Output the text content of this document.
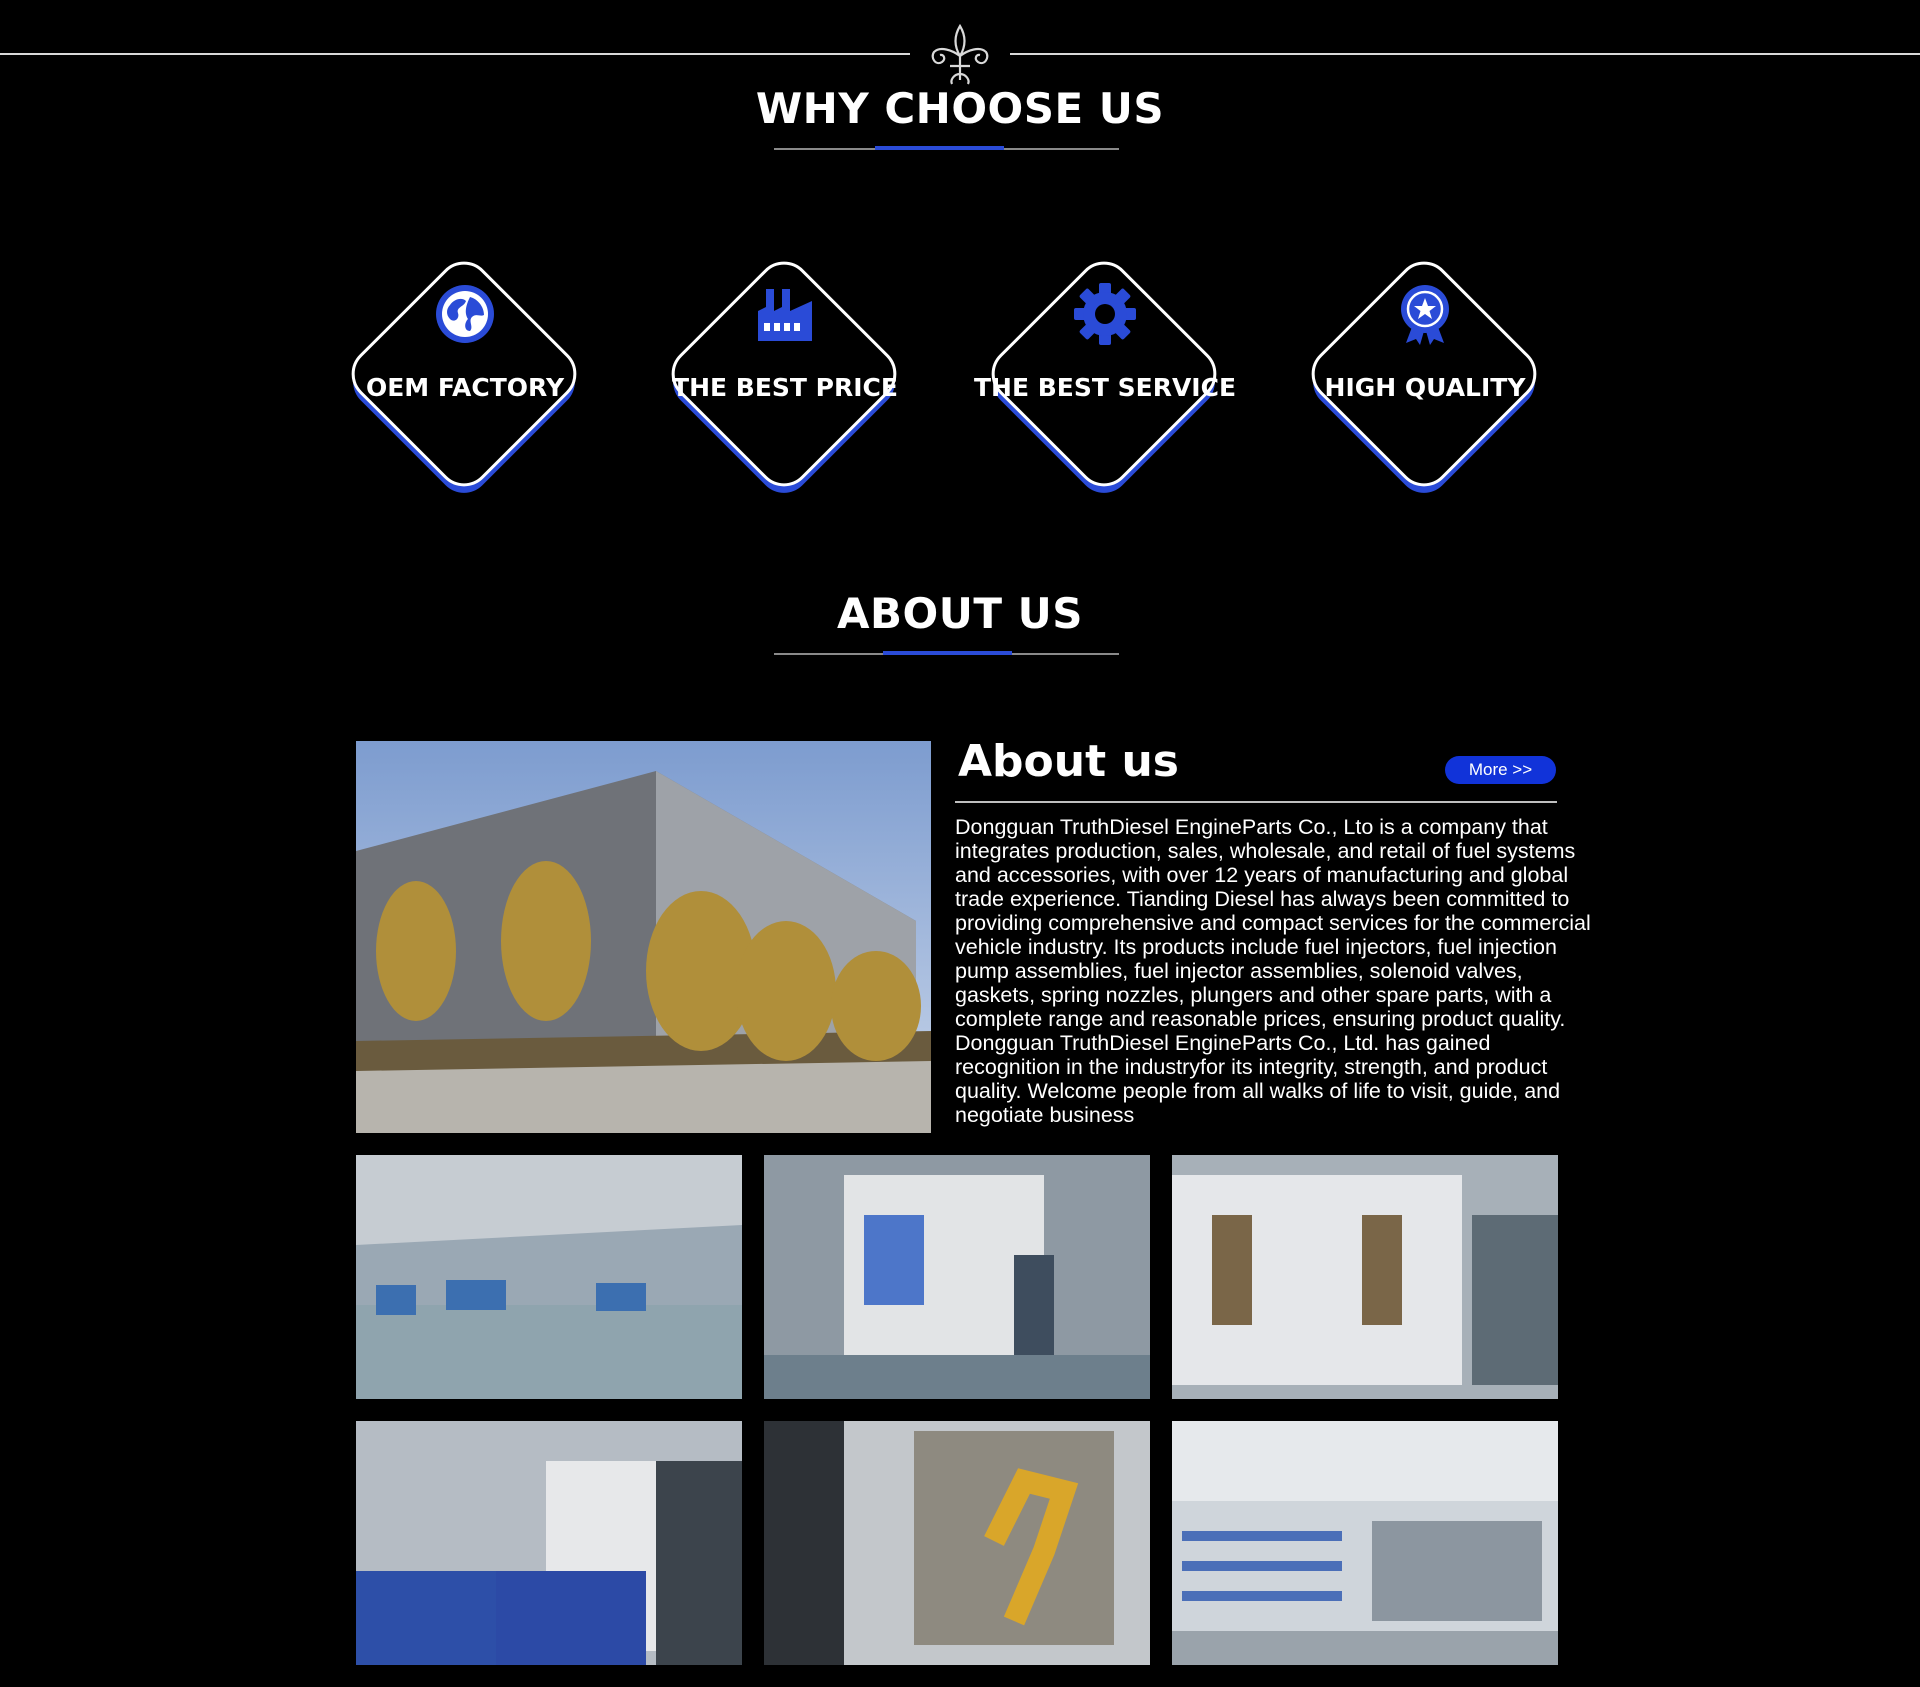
WHY CHOOSE US
OEM FACTORY	THE BEST PRICE	THE BEST SERVICE	HIGH QUALITY
ABOUT US
About us	More >>
Dongguan TruthDiesel EngineParts Co., Lto is a company that integrates production, sales, wholesale, and retail of fuel systems and accessories, with over 12 years of manufacturing and global trade experience. Tianding Diesel has always been committed to providing comprehensive and compact services for the commercial vehicle industry. Its products include fuel injectors, fuel injection pump assemblies, fuel injector assemblies, solenoid valves, gaskets, spring nozzles, plungers and other spare parts, with a complete range and reasonable prices, ensuring product quality. Dongguan TruthDiesel EngineParts Co., Ltd. has gained recognition in the industryfor its integrity, strength, and product quality. Welcome people from all walks of life to visit, guide, and negotiate business
